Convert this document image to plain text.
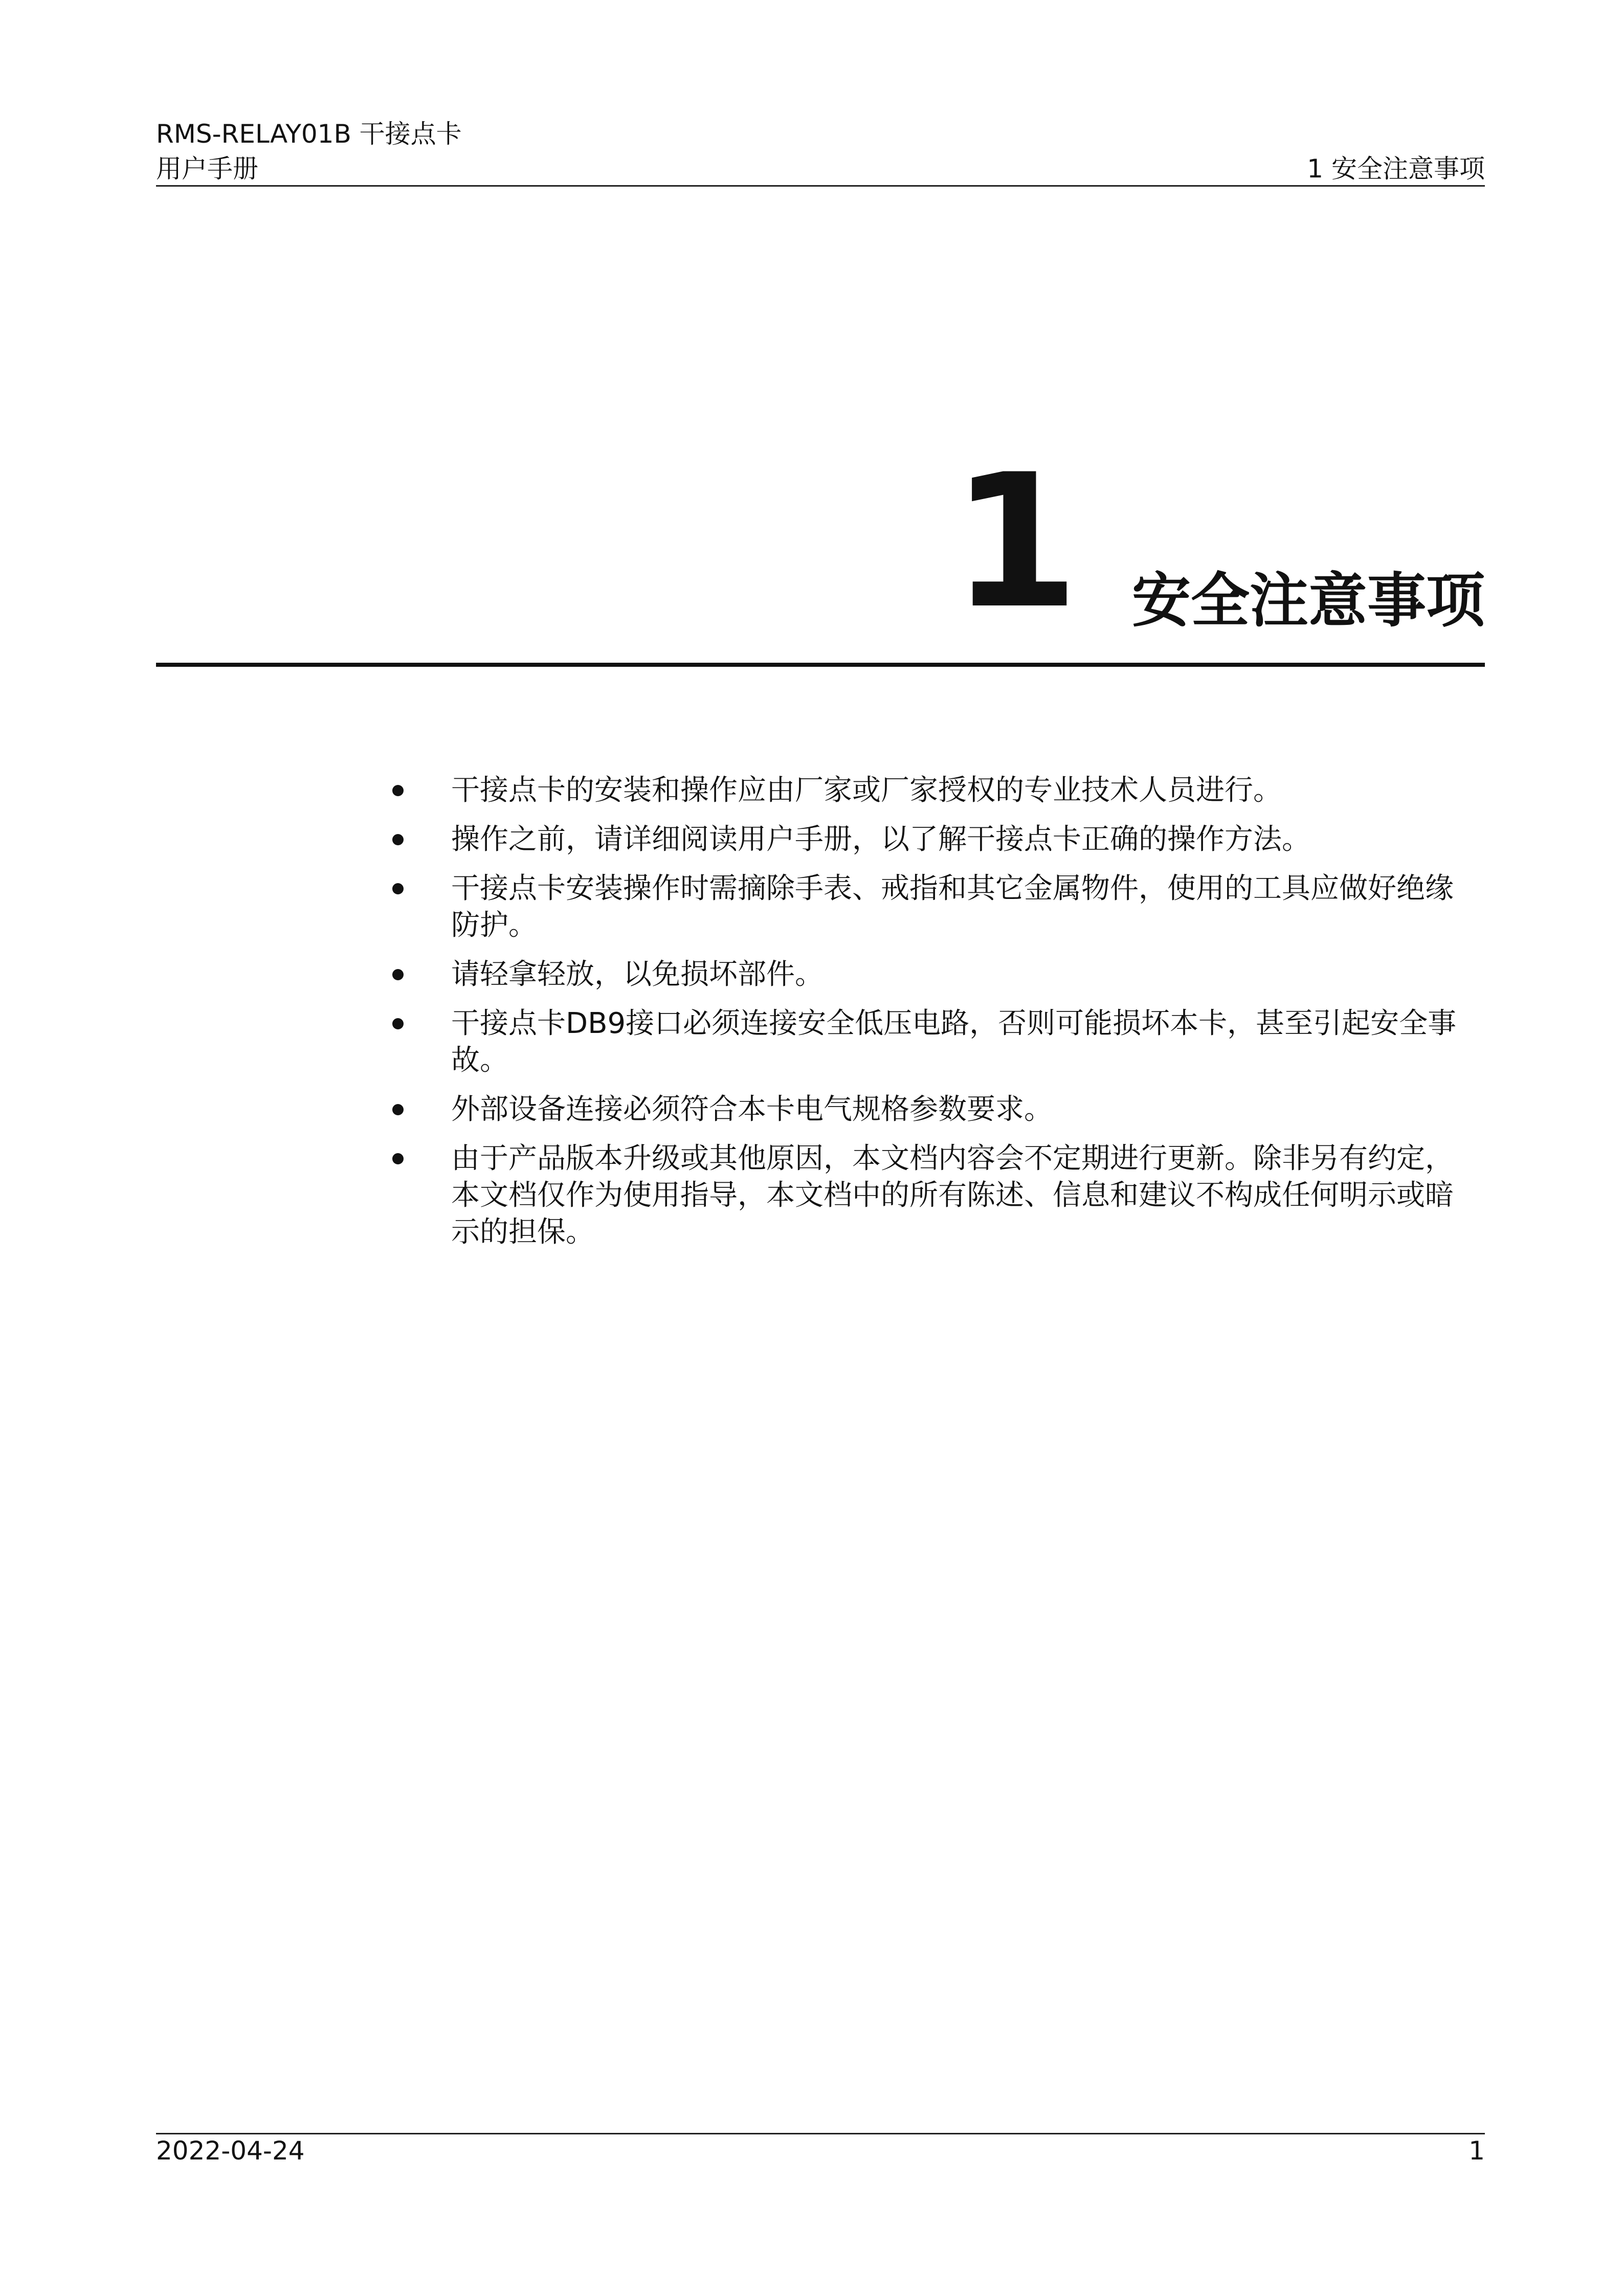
RMS-RELAY01B 干接点卡
用户手册	1 安全注意事项
1 安全注意事项
干接点卡的安装和操作应由厂家或厂家授权的专业技术人员进行。
操作之前，请详细阅读用户手册，以了解干接点卡正确的操作方法。
干接点卡安装操作时需摘除手表、戒指和其它金属物件，使用的工具应做好绝缘防护。
请轻拿轻放，以免损坏部件。
干接点卡DB9接口必须连接安全低压电路，否则可能损坏本卡，甚至引起安全事故。
外部设备连接必须符合本卡电气规格参数要求。
由于产品版本升级或其他原因，本文档内容会不定期进行更新。除非另有约定，本文档仅作为使用指导，本文档中的所有陈述、信息和建议不构成任何明示或暗示的担保。
2022-04-24	1
